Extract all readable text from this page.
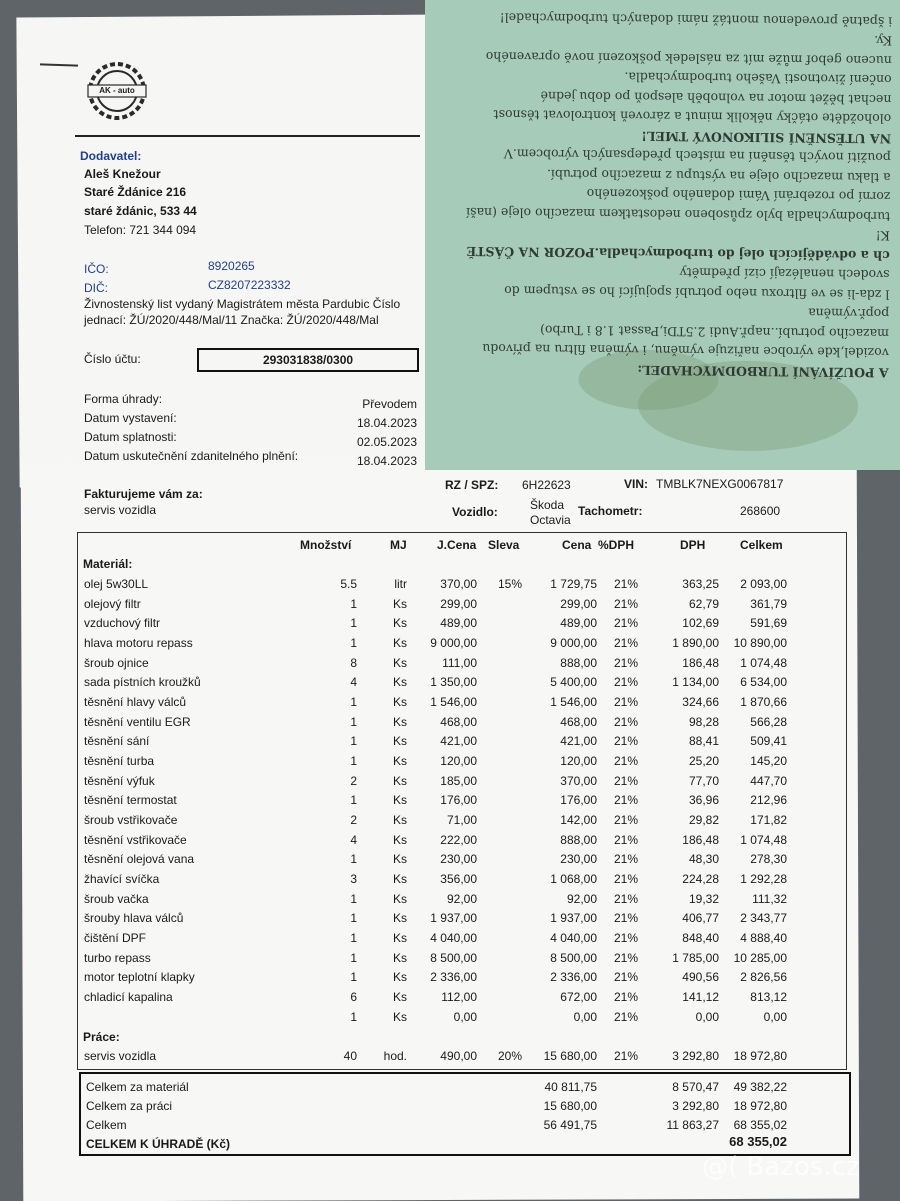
AK - auto
Dodavatel:
Aleš Knežour
Staré Ždánice 216
staré ždánic, 533 44
Telefon: 721 344 094
IČO:	8920265
DIČ:	CZ8207223332
Živnostenský list vydaný Magistrátem města Pardubic Číslo
jednací: ŽÚ/2020/448/Mal/11 Značka: ŽÚ/2020/448/Mal
Číslo účtu:	293031838/0300
Forma úhrady:	Převodem
Datum vystavení:	18.04.2023
Datum splatnosti:	02.05.2023
Datum uskutečnění zdanitelného plnění:	18.04.2023
A POUŽÍVÁNÍ TURBODMYCHADEL:
vozidel,kde výrobce nařizuje výměnu, i výměna filtru na přívodu
mazacího potrubí..např.Audi 2.5TDi,Passat 1.8 i Turbo)
popř.výměna
l zda-li se ve filtroxu nebo potrubí spojující ho se vstupem do
svodech nenalézají cizí předměty
ch a odvádějících olej do turbodmychadla.POZOR NA ČÁSTĚ
K!
turbodmychadla bylo způsobeno nedostatkem mazacího oleje (naší
zorní po rozebrání Vámi dodaného poškozeného
a tlaku mazacího oleje na výstupu z mazacího potrubí.
použití nových těsnění na místech předepsaných výrobcem.V
NA UTĚSNĚNÍ SILIKONOVÝ TMEL!
olohožděte otáčky několik minut a zároveň kontrolovat těsnost
nechat běžet motor na volnoběh alespoň po dobu jedné
ončení životnosti Vašeho turbodmychadla.
nuceno gebof může mít za následek poškození nově opraveného
Ky.
i špatně provedenou montáž námi dodaných turbodmychadel!
RZ / SPZ: 6H22623	VIN: TMBLK7NEXG0067817
Vozidlo:	Škoda
Octavia
Tachometr:	268600
Fakturujeme vám za:
servis vozidla
Množství	MJ	J.Cena Sleva	Cena %DPH	DPH	Celkem
Materiál:
olej 5w30LL	5.5	litr	370,00	15%	1 729,75	21%	363,25	2 093,00
olejový filtr	1	Ks	299,00	299,00	21%	62,79	361,79
vzduchový filtr	1	Ks	489,00	489,00	21%	102,69	591,69
hlava motoru repass	1	Ks	9 000,00	9 000,00	21%	1 890,00	10 890,00
šroub ojnice	8	Ks	111,00	888,00	21%	186,48	1 074,48
sada pístních kroužků	4	Ks	1 350,00	5 400,00	21%	1 134,00	6 534,00
těsnění hlavy válců	1	Ks	1 546,00	1 546,00	21%	324,66	1 870,66
těsnění ventilu EGR	1	Ks	468,00	468,00	21%	98,28	566,28
těsnění sání	1	Ks	421,00	421,00	21%	88,41	509,41
těsnění turba	1	Ks	120,00	120,00	21%	25,20	145,20
těsnění výfuk	2	Ks	185,00	370,00	21%	77,70	447,70
těsnění termostat	1	Ks	176,00	176,00	21%	36,96	212,96
šroub vstřikovače	2	Ks	71,00	142,00	21%	29,82	171,82
těsnění vstřikovače	4	Ks	222,00	888,00	21%	186,48	1 074,48
těsnění olejová vana	1	Ks	230,00	230,00	21%	48,30	278,30
žhavící svíčka	3	Ks	356,00	1 068,00	21%	224,28	1 292,28
šroub vačka	1	Ks	92,00	92,00	21%	19,32	111,32
šrouby hlava válců	1	Ks	1 937,00	1 937,00	21%	406,77	2 343,77
čištění DPF	1	Ks	4 040,00	4 040,00	21%	848,40	4 888,40
turbo repass	1	Ks	8 500,00	8 500,00	21%	1 785,00	10 285,00
motor teplotní klapky	1	Ks	2 336,00	2 336,00	21%	490,56	2 826,56
chladicí kapalina	6	Ks	112,00	672,00	21%	141,12	813,12
1	Ks	0,00	0,00	21%	0,00	0,00
Práce:
servis vozidla	40	hod.	490,00	20%	15 680,00	21%	3 292,80	18 972,80
Celkem za materiál	40 811,75	8 570,47	49 382,22
Celkem za práci	15 680,00	3 292,80	18 972,80
Celkem	56 491,75	11 863,27	68 355,02
CELKEM K ÚHRADĚ (Kč)	68 355,02
@( Bazos.cz
